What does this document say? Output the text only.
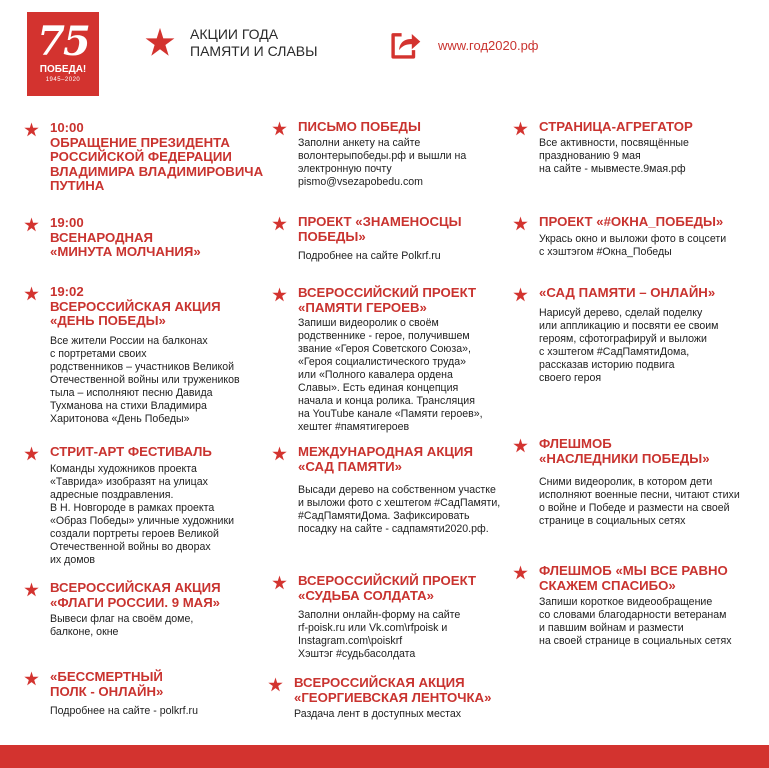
75
ПОБЕДА!
1945–2020
АКЦИИ ГОДА
ПАМЯТИ И СЛАВЫ	www.год2020.рф
10:00
ОБРАЩЕНИЕ ПРЕЗИДЕНТА
РОССИЙСКОЙ ФЕДЕРАЦИИ
ВЛАДИМИРА ВЛАДИМИРОВИЧА
ПУТИНА
19:00
ВСЕНАРОДНАЯ
«МИНУТА МОЛЧАНИЯ»
19:02
ВСЕРОССИЙСКАЯ АКЦИЯ
«ДЕНЬ ПОБЕДЫ»

Все жители России на балконах
с портретами своих
родственников – участников Великой
Отечественной войны или тружеников
тыла – исполняют песню Давида
Тухманова на стихи Владимира
Харитонова «День Победы»

СТРИТ-АРТ ФЕСТИВАЛЬ

Команды художников проекта
«Таврида» изобразят на улицах
адресные поздравления.
В Н. Новгороде в рамках проекта
«Образ Победы» уличные художники
создали портреты героев Великой
Отечественной войны во дворах
их домов

ВСЕРОССИЙСКАЯ АКЦИЯ
«ФЛАГИ РОССИИ. 9 МАЯ»

Вывеси флаг на своём доме,
балконе, окне

«БЕССМЕРТНЫЙ
ПОЛК - ОНЛАЙН»

Подробнее на сайте - polkrf.ru

ПИСЬМО ПОБЕДЫ

Заполни анкету на сайте
волонтерыпобеды.рф и вышли на
электронную почту
pismo@vsezapobedu.com

ПРОЕКТ «ЗНАМЕНОСЦЫ
ПОБЕДЫ»

Подробнее на сайте Polkrf.ru

ВСЕРОССИЙСКИЙ ПРОЕКТ
«ПАМЯТИ ГЕРОЕВ»

Запиши видеоролик о своём
родственнике - герое, получившем
звание «Героя Советского Союза»,
«Героя социалистического труда»
или «Полного кавалера ордена
Славы». Есть единая концепция
начала и конца ролика. Трансляция
на YouTube канале «Памяти героев»,
хештег #памятигероев

МЕЖДУНАРОДНАЯ АКЦИЯ
«САД ПАМЯТИ»

Высади дерево на собственном участке
и выложи фото с хештегом #СадПамяти,
#СадПамятиДома. Зафиксировать
посадку на сайте - садпамяти2020.рф.

ВСЕРОССИЙСКИЙ ПРОЕКТ
«СУДЬБА СОЛДАТА»

Заполни онлайн-форму на сайте
rf-poisk.ru или Vk.com\rfpoisk и
Instagram.com\poiskrf
Хэштэг #судьбасолдата

ВСЕРОССИЙСКАЯ АКЦИЯ
«ГЕОРГИЕВСКАЯ ЛЕНТОЧКА»

Раздача лент в доступных местах

СТРАНИЦА-АГРЕГАТОР

Все активности, посвящённые
празднованию 9 мая
на сайте - мывместе.9мая.рф

ПРОЕКТ «#ОКНА_ПОБЕДЫ»

Укрась окно и выложи фото в соцсети
с хэштэгом #Окна_Победы

«САД ПАМЯТИ – ОНЛАЙН»

Нарисуй дерево, сделай поделку
или аппликацию и посвяти ее своим
героям, сфотографируй и выложи
с хэштегом #СадПамятиДома,
рассказав историю подвига
своего героя

ФЛЕШМОБ
«НАСЛЕДНИКИ ПОБЕДЫ»

Сними видеоролик, в котором дети
исполняют военные песни, читают стихи
о войне и Победе и размести на своей
странице в социальных сетях

ФЛЕШМОБ «МЫ ВСЕ РАВНО
СКАЖЕМ СПАСИБО»

Запиши короткое видеообращение
со словами благодарности ветеранам
и павшим войнам и размести
на своей странице в социальных сетях
